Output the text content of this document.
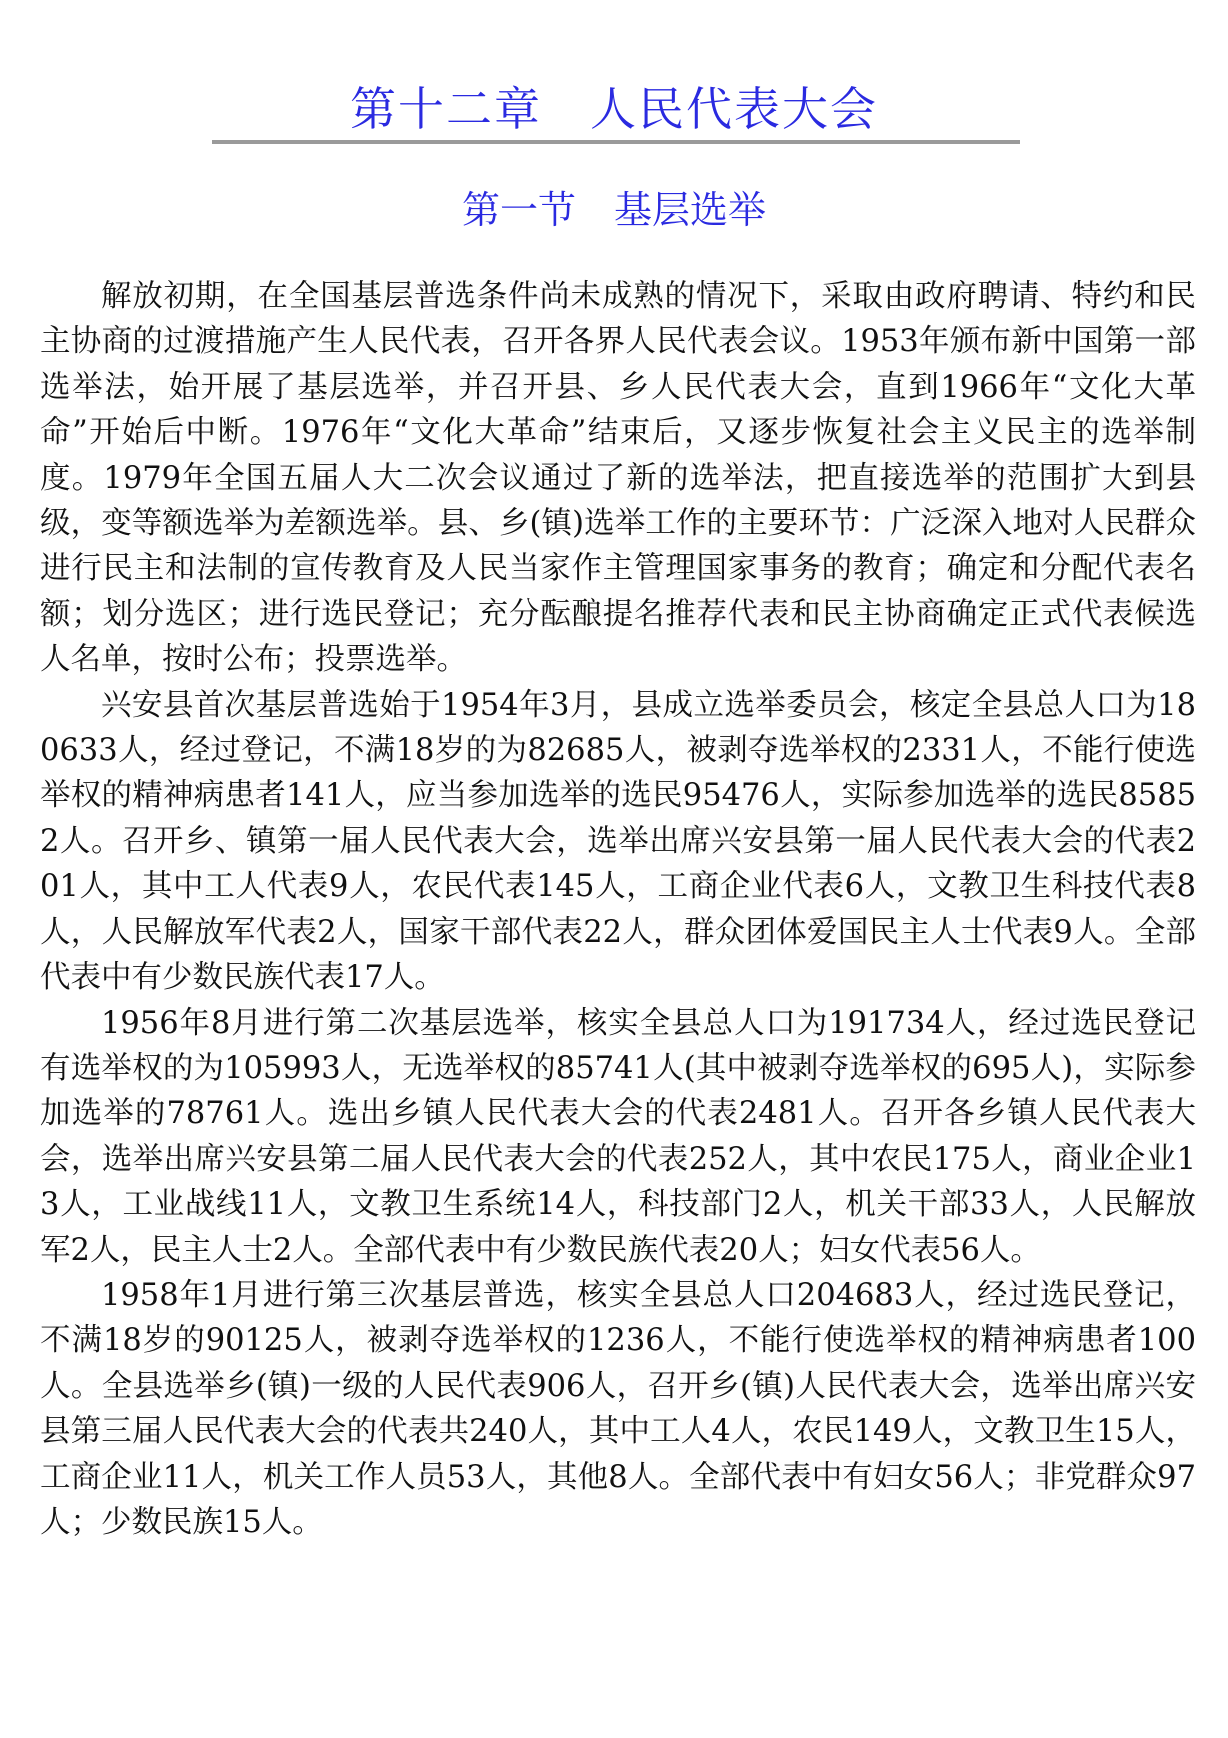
第十二章　人民代表大会
第一节　基层选举

解放初期，在全国基层普选条件尚未成熟的情况下，采取由政府聘请、特约和民主协商的过渡措施产生人民代表，召开各界人民代表会议。1953年颁布新中国第一部选举法，始开展了基层选举，并召开县、乡人民代表大会，直到1966年“文化大革命”开始后中断。1976年“文化大革命”结束后，又逐步恢复社会主义民主的选举制度。1979年全国五届人大二次会议通过了新的选举法，把直接选举的范围扩大到县级，变等额选举为差额选举。县、乡(镇)选举工作的主要环节：广泛深入地对人民群众进行民主和法制的宣传教育及人民当家作主管理国家事务的教育；确定和分配代表名额；划分选区；进行选民登记；充分酝酿提名推荐代表和民主协商确定正式代表候选人名单，按时公布；投票选举。

兴安县首次基层普选始于1954年3月，县成立选举委员会，核定全县总人口为180633人，经过登记，不满18岁的为82685人，被剥夺选举权的2331人，不能行使选举权的精神病患者141人，应当参加选举的选民95476人，实际参加选举的选民85852人。召开乡、镇第一届人民代表大会，选举出席兴安县第一届人民代表大会的代表201人，其中工人代表9人，农民代表145人，工商企业代表6人，文教卫生科技代表8人，人民解放军代表2人，国家干部代表22人，群众团体爱国民主人士代表9人。全部代表中有少数民族代表17人。

1956年8月进行第二次基层选举，核实全县总人口为191734人，经过选民登记有选举权的为105993人，无选举权的85741人(其中被剥夺选举权的695人)，实际参加选举的78761人。选出乡镇人民代表大会的代表2481人。召开各乡镇人民代表大会，选举出席兴安县第二届人民代表大会的代表252人，其中农民175人，商业企业13人，工业战线11人，文教卫生系统14人，科技部门2人，机关干部33人，人民解放军2人，民主人士2人。全部代表中有少数民族代表20人；妇女代表56人。

1958年1月进行第三次基层普选，核实全县总人口204683人，经过选民登记，不满18岁的90125人，被剥夺选举权的1236人，不能行使选举权的精神病患者100人。全县选举乡(镇)一级的人民代表906人，召开乡(镇)人民代表大会，选举出席兴安县第三届人民代表大会的代表共240人，其中工人4人，农民149人，文教卫生15人，工商企业11人，机关工作人员53人，其他8人。全部代表中有妇女56人；非党群众97人；少数民族15人。
